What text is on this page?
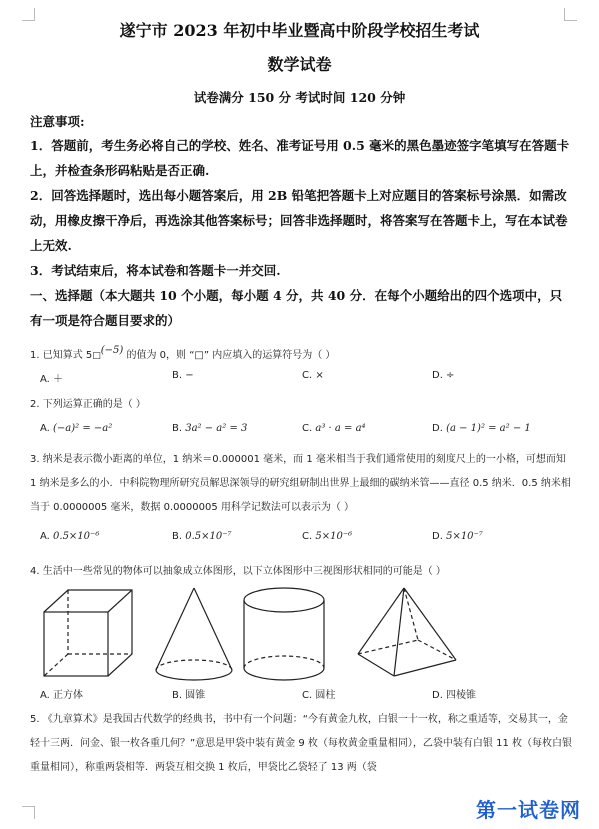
遂宁市 2023 年初中毕业暨高中阶段学校招生考试
数学试卷
试卷满分 150 分 考试时间 120 分钟
注意事项:
1．答题前，考生务必将自己的学校、姓名、准考证号用 0.5 毫米的黑色墨迹签字笔填写在答题卡上，并检查条形码粘贴是否正确.
2．回答选择题时，选出每小题答案后，用 2B 铅笔把答题卡上对应题目的答案标号涂黑．如需改动，用橡皮擦干净后，再选涂其他答案标号；回答非选择题时，将答案写在答题卡上，写在本试卷上无效.
3．考试结束后，将本试卷和答题卡一并交回.
一、选择题（本大题共 10 个小题，每小题 4 分，共 40 分．在每个小题给出的四个选项中，只有一项是符合题目要求的）
1. 已知算式 5□(−5) 的值为 0，则 “□” 内应填入的运算符号为（ ）
A. ＋	B. −	C. ×	D. ÷
2. 下列运算正确的是（ ）
A. (−a)² = −a²	B. 3a² − a² = 3	C. a³ · a = a⁴	D. (a − 1)² = a² − 1
3. 纳米是表示微小距离的单位，1 纳米＝0.000001 毫米，而 1 毫米相当于我们通常使用的刻度尺上的一小格，可想而知 1 纳米是多么的小．中科院物理所研究员解思深领导的研究组研制出世界上最细的碳纳米管——直径 0.5 纳米．0.5 纳米相当于 0.0000005 毫米，数据 0.0000005 用科学记数法可以表示为（ ）
A. 0.5×10⁻⁶	B. 0.5×10⁻⁷	C. 5×10⁻⁶	D. 5×10⁻⁷
4. 生活中一些常见的物体可以抽象成立体图形，以下立体图形中三视图形状相同的可能是（ ）
A. 正方体	B. 圆锥	C. 圆柱	D. 四棱锥
5. 《九章算术》是我国古代数学的经典书，书中有一个问题：“今有黄金九枚，白银一十一枚，称之重适等，交易其一，金轻十三两．问金、银一枚各重几何？”意思是甲袋中装有黄金 9 枚（每枚黄金重量相同），乙袋中装有白银 11 枚（每枚白银重量相同），称重两袋相等．两袋互相交换 1 枚后，甲袋比乙袋轻了 13 两（袋
第一试卷网
